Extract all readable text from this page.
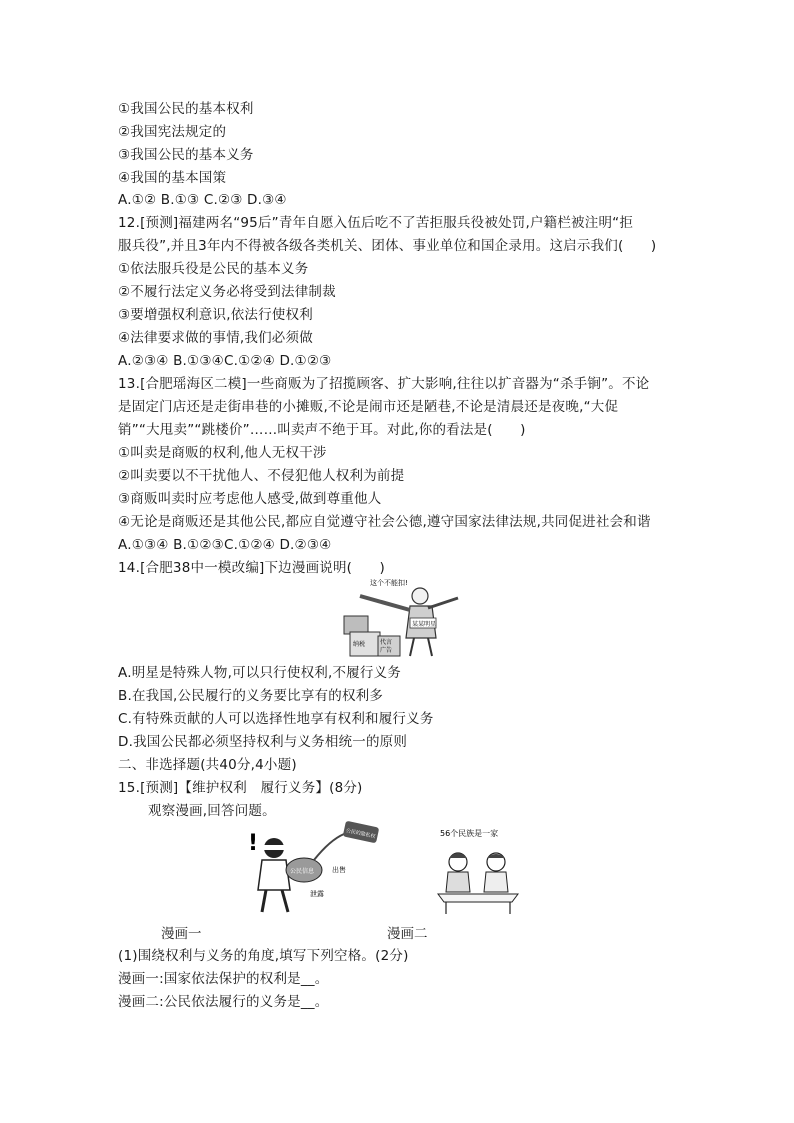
①我国公民的基本权利
②我国宪法规定的
③我国公民的基本义务
④我国的基本国策
A.①② B.①③ C.②③ D.③④
12.[预测]福建两名“95后”青年自愿入伍后吃不了苦拒服兵役被处罚,户籍栏被注明“拒
服兵役”,并且3年内不得被各级各类机关、团体、事业单位和国企录用。这启示我们(　　)
①依法服兵役是公民的基本义务
②不履行法定义务必将受到法律制裁
③要增强权利意识,依法行使权利
④法律要求做的事情,我们必须做
A.②③④ B.①③④C.①②④ D.①②③
13.[合肥瑶海区二模]一些商贩为了招揽顾客、扩大影响,往往以扩音器为“杀手锏”。不论
是固定门店还是走街串巷的小摊贩,不论是闹市还是陋巷,不论是清晨还是夜晚,“大促
销”“大甩卖”“跳楼价”……叫卖声不绝于耳。对此,你的看法是(　　)
①叫卖是商贩的权利,他人无权干涉
②叫卖要以不干扰他人、不侵犯他人权利为前提
③商贩叫卖时应考虑他人感受,做到尊重他人
④无论是商贩还是其他公民,都应自觉遵守社会公德,遵守国家法律法规,共同促进社会和谐
A.①③④ B.①②③C.①②④ D.②③④
14.[合肥38中一模改编]下边漫画说明(　　)
这个不能扣!
某某明星
纳税 代言
广告
A.明星是特殊人物,可以只行使权利,不履行义务
B.在我国,公民履行的义务要比享有的权利多
C.有特殊贡献的人可以选择性地享有权利和履行义务
D.我国公民都必须坚持权利与义务相统一的原则
二、非选择题(共40分,4小题)
15.[预测]【维护权利　履行义务】(8分)
观察漫画,回答问题。
!
公民信息
公民的隐私权
出售
泄露
56个民族是一家
漫画一	漫画二
(1)围绕权利与义务的角度,填写下列空格。(2分)
漫画一:国家依法保护的权利是__。
漫画二:公民依法履行的义务是__。
